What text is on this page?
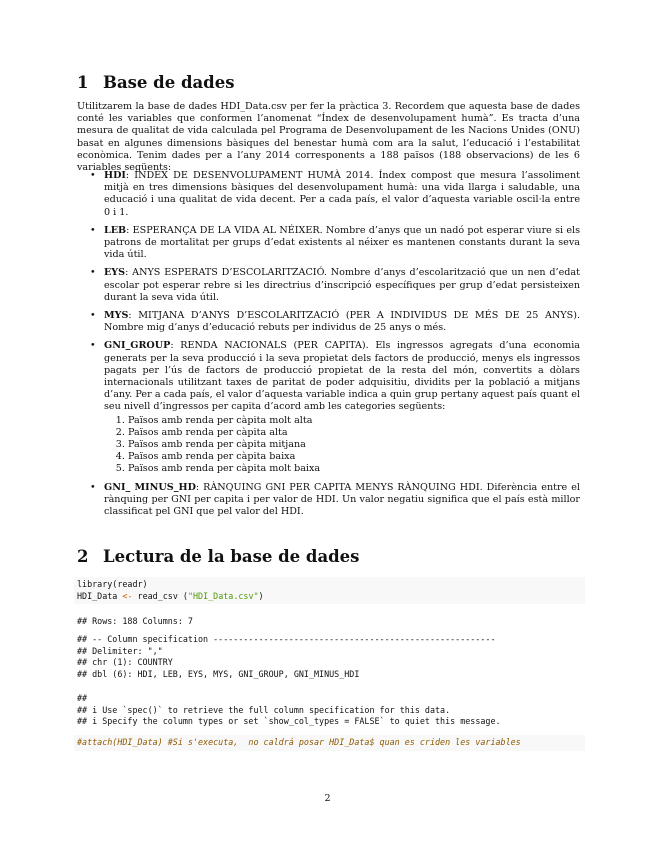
1 Base de dades

Utilitzarem la base de dades HDI_Data.csv per fer la pràctica 3. Recordem que aquesta base de dades conté les variables que conformen l’anomenat “Índex de desenvolupament humà”. Es tracta d’una mesura de qualitat de vida calculada pel Programa de Desenvolupament de les Nacions Unides (ONU) basat en algunes dimensions bàsiques del benestar humà com ara la salut, l’educació i l’estabilitat econòmica. Tenim dades per a l’any 2014 corresponents a 188 països (188 observacions) de les 6 variables següents:

• HDI: ÍNDEX DE DESENVOLUPAMENT HUMÀ 2014. Índex compost que mesura l’assoliment mitjà en tres dimensions bàsiques del desenvolupament humà: una vida llarga i saludable, una educació i una qualitat de vida decent. Per a cada país, el valor d’aquesta variable oscil·la entre 0 i 1.
• LEB: ESPERANÇA DE LA VIDA AL NÉIXER. Nombre d’anys que un nadó pot esperar viure si els patrons de mortalitat per grups d’edat existents al néixer es mantenen constants durant la seva vida útil.
• EYS: ANYS ESPERATS D’ESCOLARITZACIÓ. Nombre d’anys d’escolarització que un nen d’edat escolar pot esperar rebre si les directrius d’inscripció específiques per grup d’edat persisteixen durant la seva vida útil.
• MYS: MITJANA D’ANYS D’ESCOLARITZACIÓ (PER A INDIVIDUS DE MÉS DE 25 ANYS). Nombre mig d’anys d’educació rebuts per individus de 25 anys o més.
• GNI_GROUP: RENDA NACIONALS (PER CAPITA). Els ingressos agregats d’una economia generats per la seva producció i la seva propietat dels factors de producció, menys els ingressos pagats per l’ús de factors de producció propietat de la resta del món, convertits a dòlars internacionals utilitzant taxes de paritat de poder adquisitiu, dividits per la població a mitjans d’any. Per a cada país, el valor d’aquesta variable indica a quin grup pertany aquest país quant el seu nivell d’ingressos per capita d’acord amb les categories següents:
1. Països amb renda per càpita molt alta
2. Països amb renda per càpita alta
3. Països amb renda per càpita mitjana
4. Països amb renda per càpita baixa
5. Països amb renda per càpita molt baixa
• GNI_ MINUS_HD: RÀNQUING GNI PER CAPITA MENYS RÀNQUING HDI. Diferència entre el rànquing per GNI per capita i per valor de HDI. Un valor negatiu significa que el país està millor classificat pel GNI que pel valor del HDI.
2 Lectura de la base de dades
library(readr)
HDI_Data <- read_csv ("HDI_Data.csv")
## Rows: 188 Columns: 7
## -- Column specification --------------------------------------------------------
## Delimiter: ","
## chr (1): COUNTRY
## dbl (6): HDI, LEB, EYS, MYS, GNI_GROUP, GNI_MINUS_HDI
##
## i Use `spec()` to retrieve the full column specification for this data.
## i Specify the column types or set `show_col_types = FALSE` to quiet this message.
#attach(HDI_Data) #Si s'executa,  no caldrá posar HDI_Data$ quan es criden les variables
2
